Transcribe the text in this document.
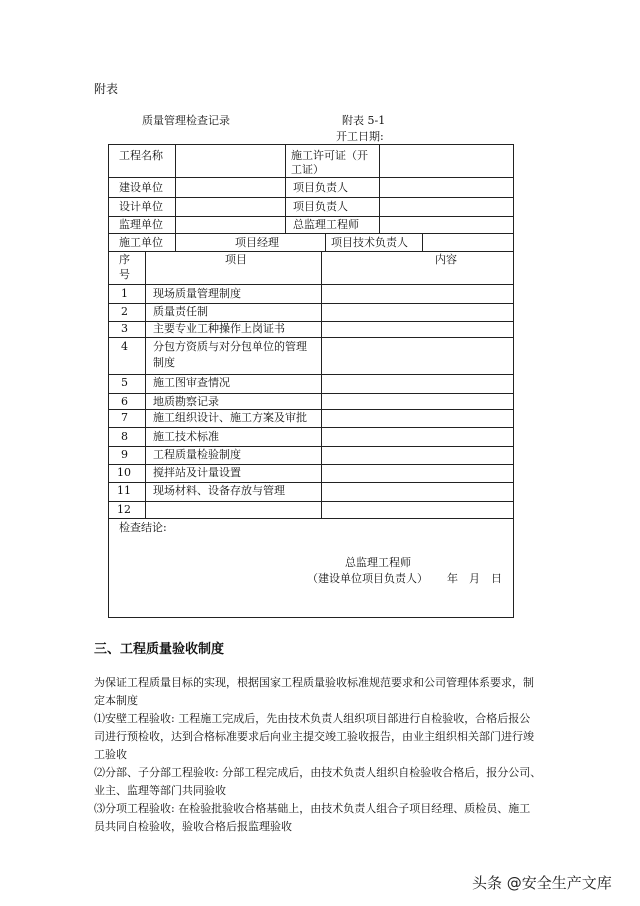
附表
质量管理检查记录	附表 5-1
开工日期:
工程名称	施工许可证（开
工证）
建设单位	项目负责人
设计单位	项目负责人
监理单位	总监理工程师
施工单位	项目经理	项目技术负责人
序
号
项目	内容
1 现场质量管理制度
2 质量责任制
3 主要专业工种操作上岗证书
4 分包方资质与对分包单位的管理
制度
5 施工图审查情况
6 地质勘察记录
7 施工组织设计、施工方案及审批
8 施工技术标准
9 工程质量检验制度
10 搅拌站及计量设置
11 现场材料、设备存放与管理
12
检查结论:
总监理工程师
（建设单位项目负责人） 年　月　日
三、工程质量验收制度
为保证工程质量目标的实现，根据国家工程质量验收标准规范要求和公司管理体系要求，制
定本制度
⑴安壁工程验收: 工程施工完成后，先由技术负责人组织项目部进行自检验收，合格后报公
司进行预检收，达到合格标准要求后向业主提交竣工验收报告，由业主组织相关部门进行竣
工验收
⑵分部、子分部工程验收: 分部工程完成后，由技术负责人组织自检验收合格后，报分公司、
业主、监理等部门共同验收
⑶分项工程验收: 在检验批验收合格基础上，由技术负责人组合子项目经理、质检员、施工
员共同自检验收，验收合格后报监理验收
头条 @安全生产文库
